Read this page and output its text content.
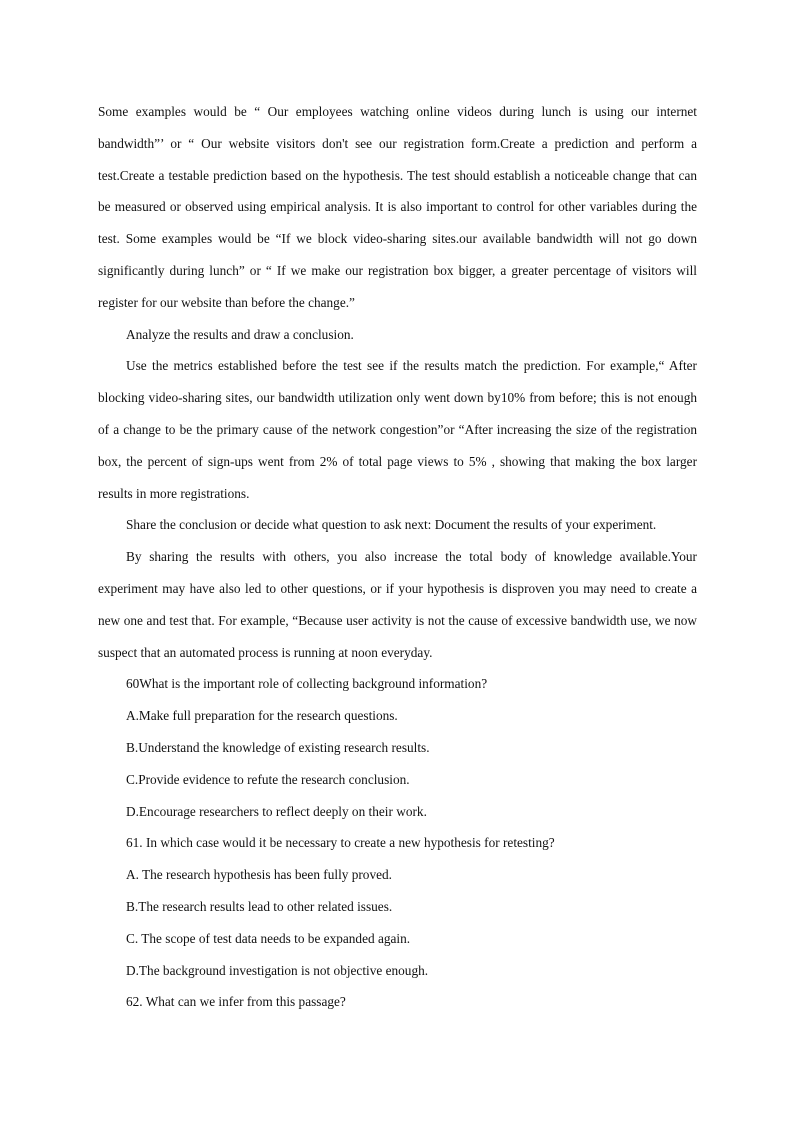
Some examples would be “ Our employees watching online videos during lunch is using our internet bandwidth”’ or “ Our website visitors don't see our registration form.Create a prediction and perform a test.Create a testable prediction based on the hypothesis. The test should establish a noticeable change that can be measured or observed using empirical analysis. It is also important to control for other variables during the test. Some examples would be “If we block video-sharing sites.our available bandwidth will not go down significantly during lunch” or “ If we make our registration box bigger, a greater percentage of visitors will register for our website than before the change.”

Analyze the results and draw a conclusion.

Use the metrics established before the test see if the results match the prediction. For example,“ After blocking video-sharing sites, our bandwidth utilization only went down by10% from before; this is not enough of a change to be the primary cause of the network congestion”or “After increasing the size of the registration box, the percent of sign-ups went from 2% of total page views to 5% , showing that making the box larger results in more registrations.

Share the conclusion or decide what question to ask next: Document the results of your experiment.

By sharing the results with others, you also increase the total body of knowledge available.Your experiment may have also led to other questions, or if your hypothesis is disproven you may need to create a new one and test that. For example, “Because user activity is not the cause of excessive bandwidth use, we now suspect that an automated process is running at noon everyday.

60What is the important role of collecting background information?

A.Make full preparation for the research questions.

B.Understand the knowledge of existing research results.

C.Provide evidence to refute the research conclusion.

D.Encourage researchers to reflect deeply on their work.

61. In which case would it be necessary to create a new hypothesis for retesting?

A. The research hypothesis has been fully proved.

B.The research results lead to other related issues.

C. The scope of test data needs to be expanded again.

D.The background investigation is not objective enough.

62. What can we infer from this passage?
